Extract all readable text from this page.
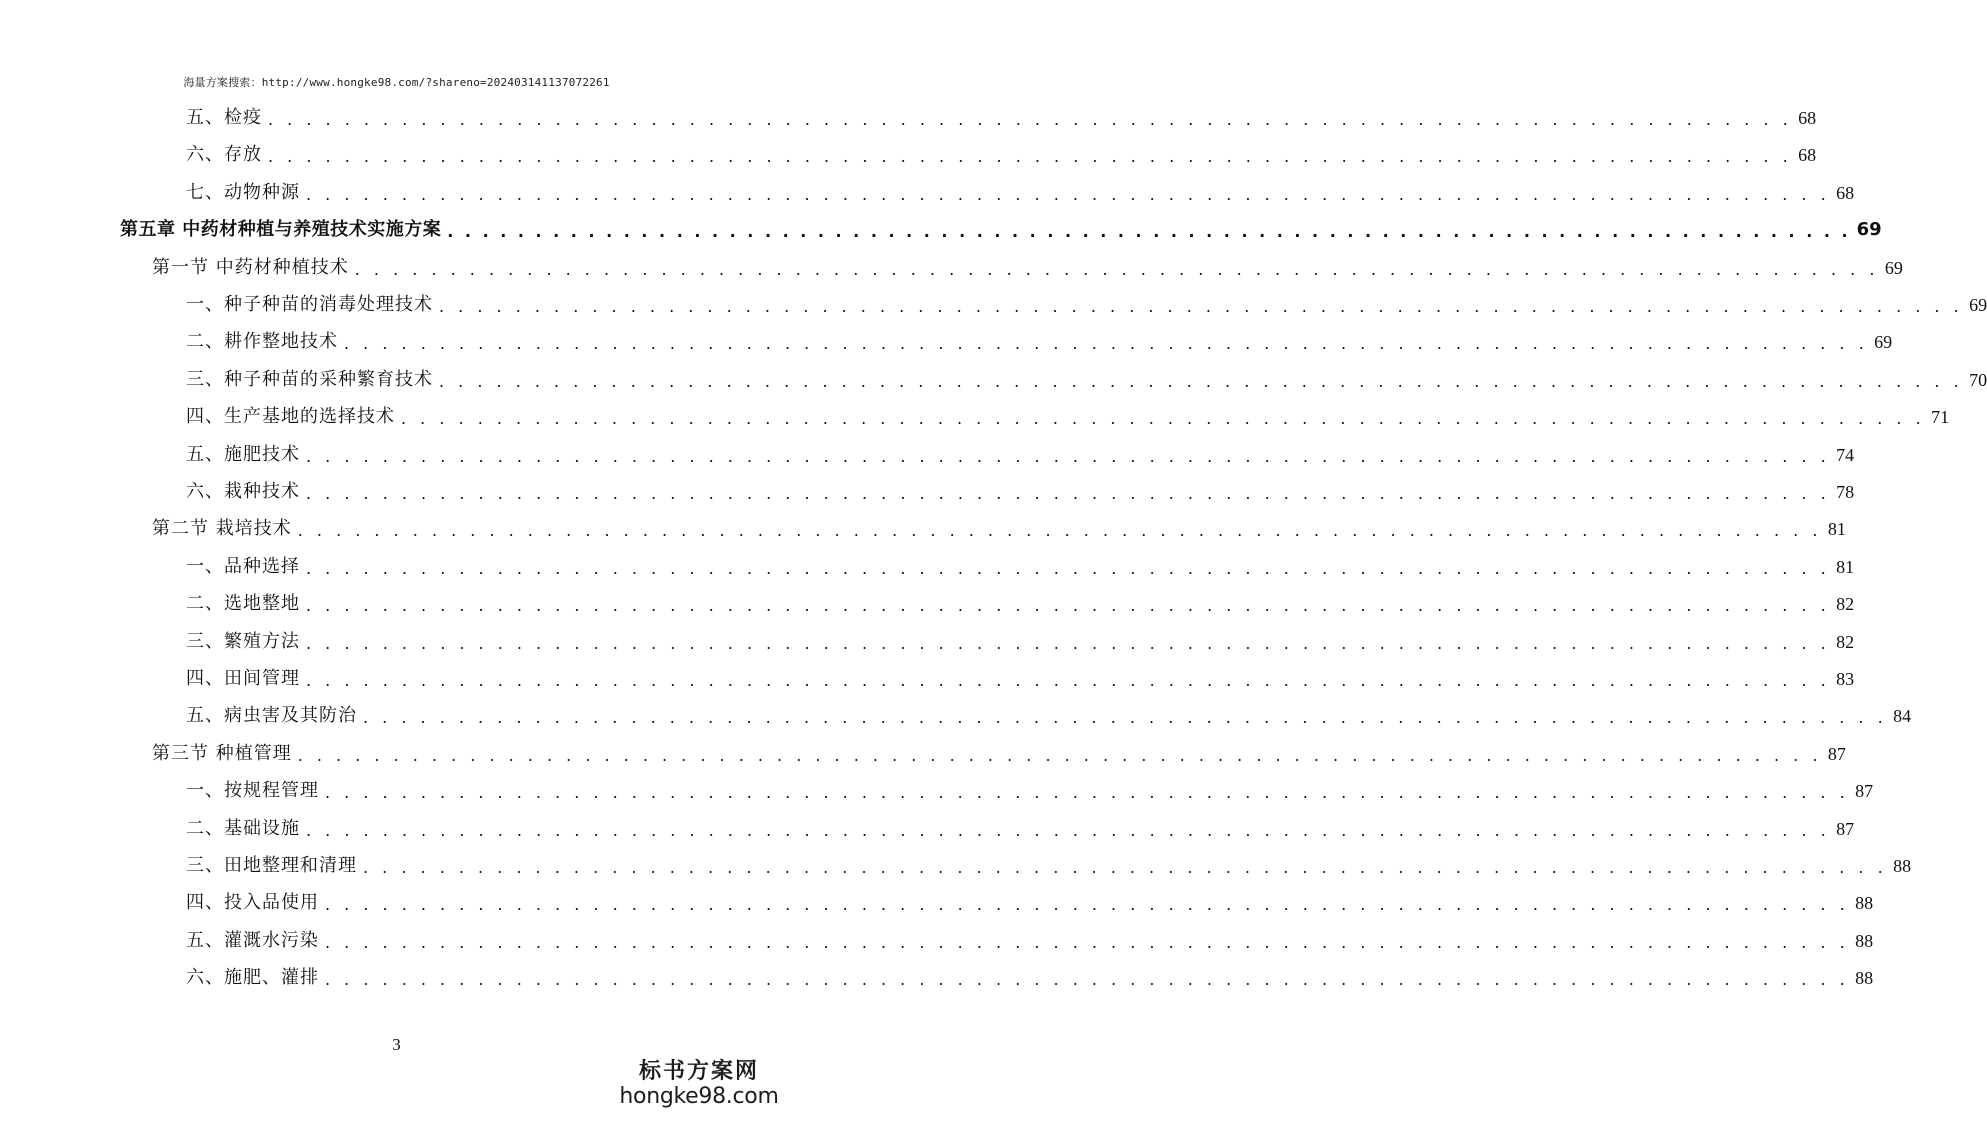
海量方案搜索：http://www.hongke98.com/?shareno=202403141137072261
五、检疫 . . . . . . . . . . . . . . . . . . . . . . . . . . . . . . . . . . . . . . . . . . . . . . . . . . . . . . . . . . . . . . . . . . . . . . . . . . . . . . . . 68
六、存放 . . . . . . . . . . . . . . . . . . . . . . . . . . . . . . . . . . . . . . . . . . . . . . . . . . . . . . . . . . . . . . . . . . . . . . . . . . . . . . . . 68
七、动物种源 . . . . . . . . . . . . . . . . . . . . . . . . . . . . . . . . . . . . . . . . . . . . . . . . . . . . . . . . . . . . . . . . . . . . . . . . . . . . . . . . 68
第五章 中药材种植与养殖技术实施方案 . . . . . . . . . . . . . . . . . . . . . . . . . . . . . . . . . . . . . . . . . . . . . . . . . . . . . . . . . . . . . . . . . . . . . . . . . . . . . . . . 69
第一节 中药材种植技术 . . . . . . . . . . . . . . . . . . . . . . . . . . . . . . . . . . . . . . . . . . . . . . . . . . . . . . . . . . . . . . . . . . . . . . . . . . . . . . . . 69
一、种子种苗的消毒处理技术 . . . . . . . . . . . . . . . . . . . . . . . . . . . . . . . . . . . . . . . . . . . . . . . . . . . . . . . . . . . . . . . . . . . . . . . . . . . . . . . . 69
二、耕作整地技术 . . . . . . . . . . . . . . . . . . . . . . . . . . . . . . . . . . . . . . . . . . . . . . . . . . . . . . . . . . . . . . . . . . . . . . . . . . . . . . . . 69
三、种子种苗的采种繁育技术 . . . . . . . . . . . . . . . . . . . . . . . . . . . . . . . . . . . . . . . . . . . . . . . . . . . . . . . . . . . . . . . . . . . . . . . . . . . . . . . . 70
四、生产基地的选择技术 . . . . . . . . . . . . . . . . . . . . . . . . . . . . . . . . . . . . . . . . . . . . . . . . . . . . . . . . . . . . . . . . . . . . . . . . . . . . . . . . 71
五、施肥技术 . . . . . . . . . . . . . . . . . . . . . . . . . . . . . . . . . . . . . . . . . . . . . . . . . . . . . . . . . . . . . . . . . . . . . . . . . . . . . . . . 74
六、栽种技术 . . . . . . . . . . . . . . . . . . . . . . . . . . . . . . . . . . . . . . . . . . . . . . . . . . . . . . . . . . . . . . . . . . . . . . . . . . . . . . . . 78
第二节 栽培技术 . . . . . . . . . . . . . . . . . . . . . . . . . . . . . . . . . . . . . . . . . . . . . . . . . . . . . . . . . . . . . . . . . . . . . . . . . . . . . . . . 81
一、品种选择 . . . . . . . . . . . . . . . . . . . . . . . . . . . . . . . . . . . . . . . . . . . . . . . . . . . . . . . . . . . . . . . . . . . . . . . . . . . . . . . . 81
二、选地整地 . . . . . . . . . . . . . . . . . . . . . . . . . . . . . . . . . . . . . . . . . . . . . . . . . . . . . . . . . . . . . . . . . . . . . . . . . . . . . . . . 82
三、繁殖方法 . . . . . . . . . . . . . . . . . . . . . . . . . . . . . . . . . . . . . . . . . . . . . . . . . . . . . . . . . . . . . . . . . . . . . . . . . . . . . . . . 82
四、田间管理 . . . . . . . . . . . . . . . . . . . . . . . . . . . . . . . . . . . . . . . . . . . . . . . . . . . . . . . . . . . . . . . . . . . . . . . . . . . . . . . . 83
五、病虫害及其防治 . . . . . . . . . . . . . . . . . . . . . . . . . . . . . . . . . . . . . . . . . . . . . . . . . . . . . . . . . . . . . . . . . . . . . . . . . . . . . . . . 84
第三节 种植管理 . . . . . . . . . . . . . . . . . . . . . . . . . . . . . . . . . . . . . . . . . . . . . . . . . . . . . . . . . . . . . . . . . . . . . . . . . . . . . . . . 87
一、按规程管理 . . . . . . . . . . . . . . . . . . . . . . . . . . . . . . . . . . . . . . . . . . . . . . . . . . . . . . . . . . . . . . . . . . . . . . . . . . . . . . . . 87
二、基础设施 . . . . . . . . . . . . . . . . . . . . . . . . . . . . . . . . . . . . . . . . . . . . . . . . . . . . . . . . . . . . . . . . . . . . . . . . . . . . . . . . 87
三、田地整理和清理 . . . . . . . . . . . . . . . . . . . . . . . . . . . . . . . . . . . . . . . . . . . . . . . . . . . . . . . . . . . . . . . . . . . . . . . . . . . . . . . . 88
四、投入品使用 . . . . . . . . . . . . . . . . . . . . . . . . . . . . . . . . . . . . . . . . . . . . . . . . . . . . . . . . . . . . . . . . . . . . . . . . . . . . . . . . 88
五、灌溉水污染 . . . . . . . . . . . . . . . . . . . . . . . . . . . . . . . . . . . . . . . . . . . . . . . . . . . . . . . . . . . . . . . . . . . . . . . . . . . . . . . . 88
六、施肥、灌排 . . . . . . . . . . . . . . . . . . . . . . . . . . . . . . . . . . . . . . . . . . . . . . . . . . . . . . . . . . . . . . . . . . . . . . . . . . . . . . . . 88
3
标书方案网
hongke98.com
